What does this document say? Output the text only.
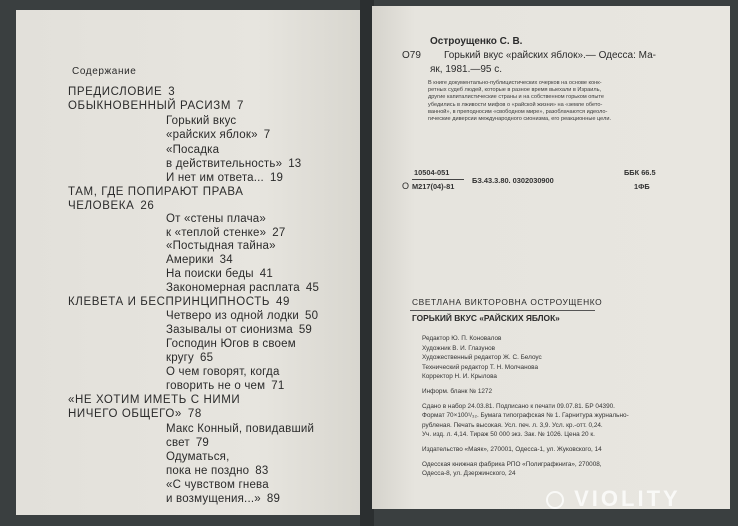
Содержание
ПРЕДИСЛОВИЕ 3
ОБЫКНОВЕННЫЙ РАСИЗМ 7
Горький вкус
«райских яблок» 7
«Посадка
в действительность» 13
И нет им ответа... 19
ТАМ, ГДЕ ПОПИРАЮТ ПРАВА
ЧЕЛОВЕКА 26
От «стены плача»
к «теплой стенке» 27
«Постыдная тайна»
Америки 34
На поиски беды 41
Закономерная расплата 45
КЛЕВЕТА И БЕСПРИНЦИПНОСТЬ 49
Четверо из одной лодки 50
Зазывалы от сионизма 59
Господин Югов в своем
кругу 65
О чем говорят, когда
говорить не о чем 71
«НЕ ХОТИМ ИМЕТЬ С НИМИ
НИЧЕГО ОБЩЕГО» 78
Макс Конный, повидавший
свет 79
Одуматься,
пока не поздно 83
«С чувством гнева
и возмущения...» 89
О79
Остроущенко С. В.
Горький вкус «райских яблок».— Одесса: Ма-
як, 1981.—95 с.
В книге документально-публицистических очерков на основе конк-
ретных судеб людей, которые в разное время выехали в Израиль,
другие капиталистические страны и на собственном горьком опыте
убедились в лживости мифов о «райской жизни» на «земле обето-
ванной», в преподноcим «свободном мире», разоблачаются идеоло-
гические диверсии международного сионизма, его реакционные цели.
О
10504-051
М217(04)-81
БЗ.43.3.80. 0302030900
ББК 66.5
1ФБ
СВЕТЛАНА ВИКТОРОВНА ОСТРОУЩЕНКО
ГОРЬКИЙ ВКУС «РАЙСКИХ ЯБЛОК»
Редактор Ю. П. Коновалов
Художник В. И. Глазунов
Художественный редактор Ж. С. Белоус
Технический редактор Т. Н. Молчанова
Корректор Н. И. Крылова
Информ. бланк № 1272
Сдано в набор 24.03.81. Подписано к печати 09.07.81. БР 04390.
Формат 70×100¹/₃₂. Бумага типографская № 1. Гарнитура журнально-
рубленая. Печать высокая. Усл. печ. л. 3,9. Усл. кр.-отт. 0,24.
Уч. изд. л. 4,14. Тираж 50 000 экз. Зак. № 1026. Цена 20 к.
Издательство «Маяк», 270001, Одесса-1, ул. Жуковского, 14
Одесская книжная фабрика РПО «Полиграфкнига», 270008,
Одесса-8, ул. Дзержинского, 24
VIOLITY
